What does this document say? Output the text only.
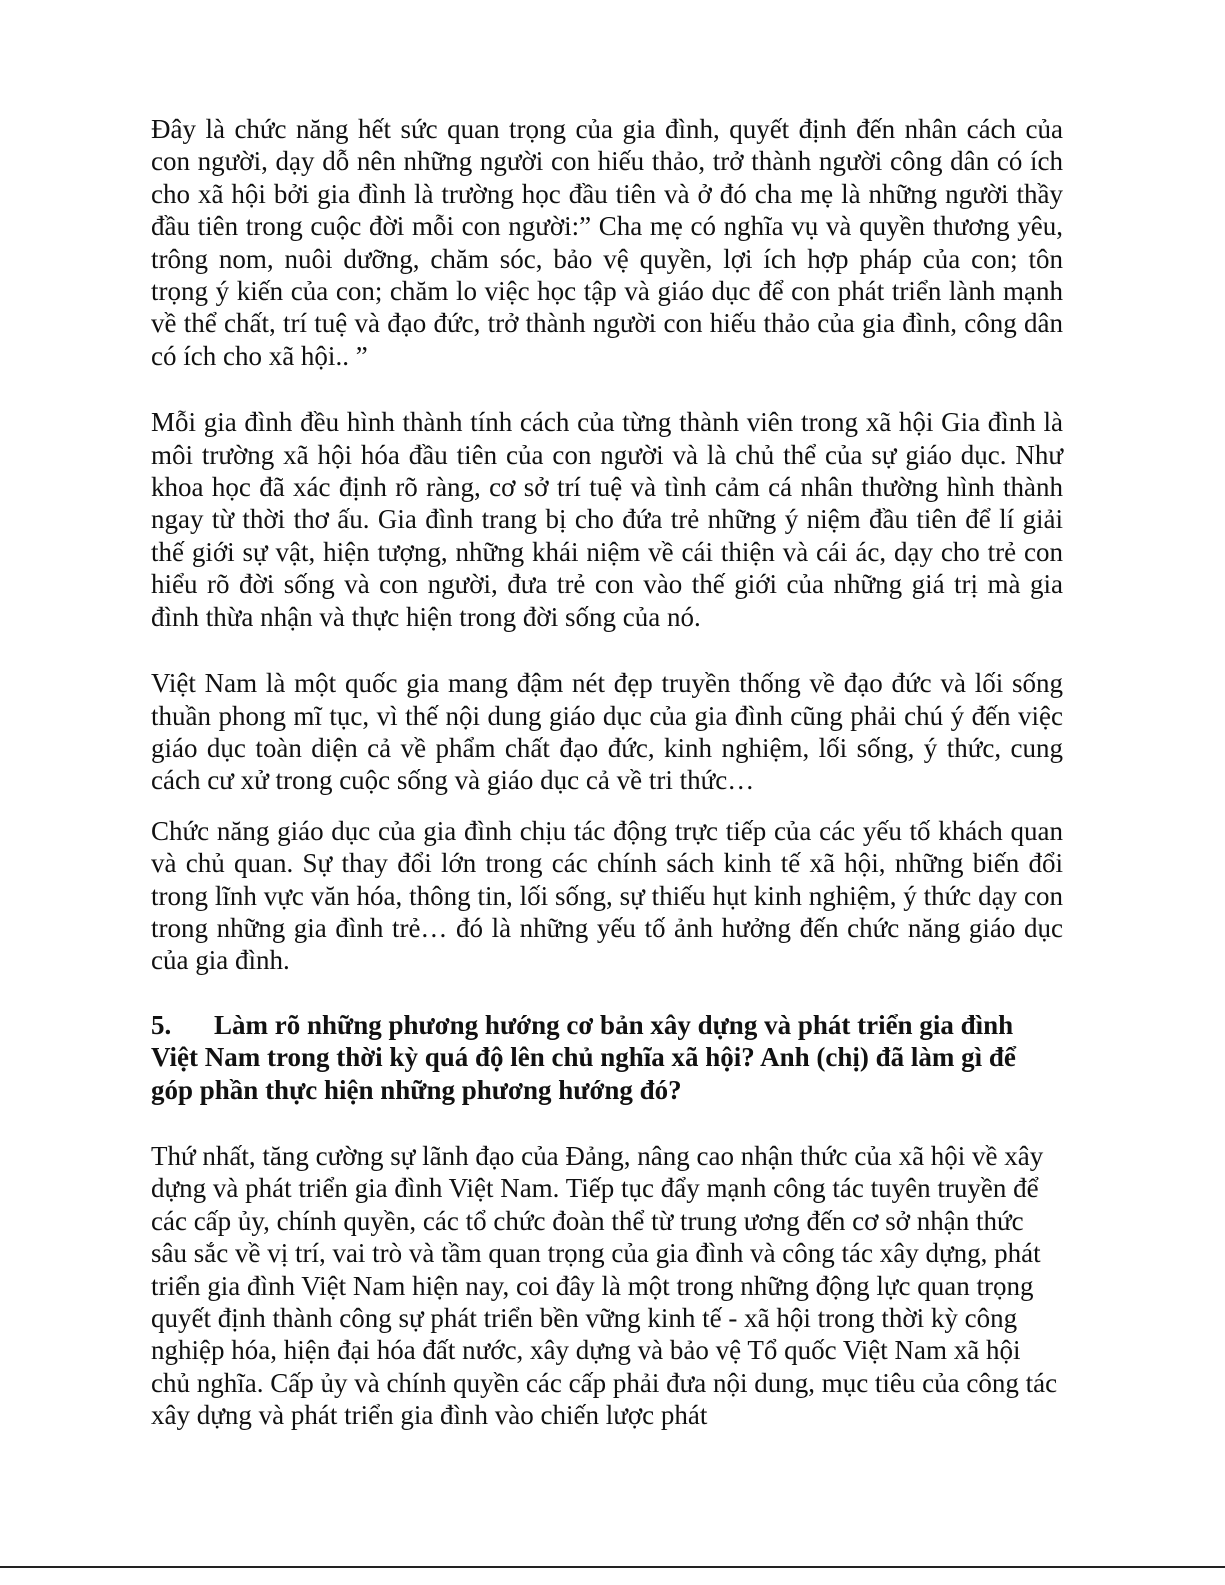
Đây là chức năng hết sức quan trọng của gia đình, quyết định đến nhân cách của con người, dạy dỗ nên những người con hiếu thảo, trở thành người công dân có ích cho xã hội bởi gia đình là trường học đầu tiên và ở đó cha mẹ là những người thầy đầu tiên trong cuộc đời mỗi con người:” Cha mẹ có nghĩa vụ và quyền thương yêu, trông nom, nuôi dưỡng, chăm sóc, bảo vệ quyền, lợi ích hợp pháp của con; tôn trọng ý kiến của con; chăm lo việc học tập và giáo dục để con phát triển lành mạnh về thể chất, trí tuệ và đạo đức, trở thành người con hiếu thảo của gia đình, công dân có ích cho xã hội.. ”

Mỗi gia đình đều hình thành tính cách của từng thành viên trong xã hội Gia đình là môi trường xã hội hóa đầu tiên của con người và là chủ thể của sự giáo dục. Như khoa học đã xác định rõ ràng, cơ sở trí tuệ và tình cảm cá nhân thường hình thành ngay từ thời thơ ấu. Gia đình trang bị cho đứa trẻ những ý niệm đầu tiên để lí giải thế giới sự vật, hiện tượng, những khái niệm về cái thiện và cái ác, dạy cho trẻ con hiểu rõ đời sống và con người, đưa trẻ con vào thế giới của những giá trị mà gia đình thừa nhận và thực hiện trong đời sống của nó.

Việt Nam là một quốc gia mang đậm nét đẹp truyền thống về đạo đức và lối sống thuần phong mĩ tục, vì thế nội dung giáo dục của gia đình cũng phải chú ý đến việc giáo dục toàn diện cả về phẩm chất đạo đức, kinh nghiệm, lối sống, ý thức, cung cách cư xử trong cuộc sống và giáo dục cả về tri thức…

Chức năng giáo dục của gia đình chịu tác động trực tiếp của các yếu tố khách quan và chủ quan. Sự thay đổi lớn trong các chính sách kinh tế xã hội, những biến đổi trong lĩnh vực văn hóa, thông tin, lối sống, sự thiếu hụt kinh nghiệm, ý thức dạy con trong những gia đình trẻ… đó là những yếu tố ảnh hưởng đến chức năng giáo dục của gia đình.

5. Làm rõ những phương hướng cơ bản xây dựng và phát triển gia đình Việt Nam trong thời kỳ quá độ lên chủ nghĩa xã hội? Anh (chị) đã làm gì để góp phần thực hiện những phương hướng đó?

Thứ nhất, tăng cường sự lãnh đạo của Đảng, nâng cao nhận thức của xã hội về xây dựng và phát triển gia đình Việt Nam. Tiếp tục đẩy mạnh công tác tuyên truyền để các cấp ủy, chính quyền, các tổ chức đoàn thể từ trung ương đến cơ sở nhận thức sâu sắc về vị trí, vai trò và tầm quan trọng của gia đình và công tác xây dựng, phát triển gia đình Việt Nam hiện nay, coi đây là một trong những động lực quan trọng quyết định thành công sự phát triển bền vững kinh tế - xã hội trong thời kỳ công nghiệp hóa, hiện đại hóa đất nước, xây dựng và bảo vệ Tổ quốc Việt Nam xã hội chủ nghĩa. Cấp ủy và chính quyền các cấp phải đưa nội dung, mục tiêu của công tác xây dựng và phát triển gia đình vào chiến lược phát
